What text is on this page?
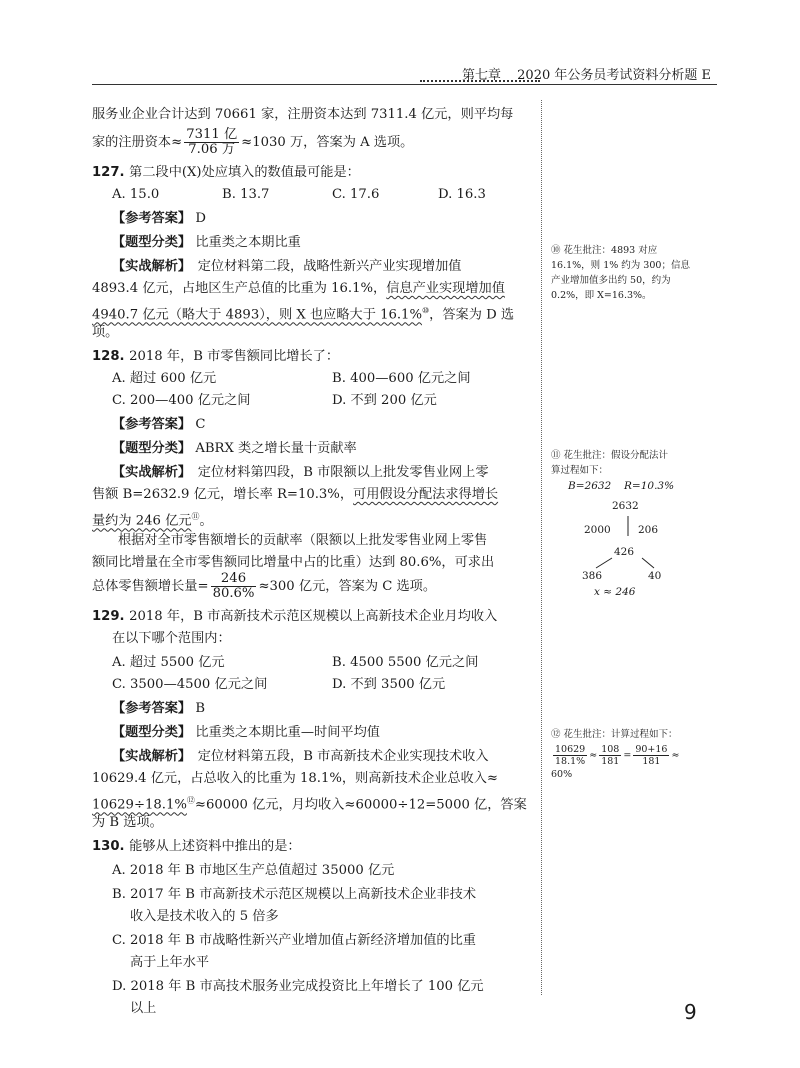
第七章 2020 年公务员考试资料分析题 E
服务业企业合计达到 70661 家，注册资本达到 7311.4 亿元，则平均每
家的注册资本≈ $\frac{\text{7311 亿}}{\text{7.06 万}} \approx 1030$ 万，答案为 A 选项。
127. 第二段中(X)处应填入的数值最可能是：
A. 15.0	B. 13.7	C. 17.6	D. 16.3
【参考答案】 D
【题型分类】 比重类之本期比重
【实战解析】　 定位材料第二段，战略性新兴产业实现增加值
4893.4 亿元，占地区生产总值的比重为 16.1%，信息产业实现增加值
4940.7 亿元（略大于 4893），则 X 也应略大于 16.1%⑩，答案为 D 选
项。
128. 2018 年，B 市零售额同比增长了：
A. 超过 600 亿元	B. 400—600 亿元之间
C. 200—400 亿元之间	D. 不到 200 亿元
【参考答案】 C
【题型分类】 ABRX 类之增长量十贡献率
【实战解析】　 定位材料第四段，B 市限额以上批发零售业网上零
售额 B=2632.9 亿元，增长率 R=10.3%，可用假设分配法求得增长
量约为 246 亿元⑪。
根据对全市零售额增长的贡献率（限额以上批发零售业网上零售
额同比增量在全市零售额同比增量中占的比重）达到 80.6%，可求出
总体零售额增长量= $\frac{246}{80.6\%} \approx 300$ 亿元，答案为 C 选项。
129. 2018 年，B 市高新技术示范区规模以上高新技术企业月均收入
在以下哪个范围内：
A. 超过 5500 亿元	B. 4500 5500 亿元之间
C. 3500—4500 亿元之间	D. 不到 3500 亿元
【参考答案】 B
【题型分类】 比重类之本期比重—时间平均值
【实战解析】　 定位材料第五段，B 市高新技术企业实现技术收入
10629.4 亿元，占总收入的比重为 18.1%，则高新技术企业总收入≈
10629÷18.1%⑫≈60000 亿元，月均收入≈60000÷12=5000 亿，答案
为 B 选项。
130. 能够从上述资料中推出的是：
A. 2018 年 B 市地区生产总值超过 35000 亿元
B. 2017 年 B 市高新技术示范区规模以上高新技术企业非技术
收入是技术收入的 5 倍多
C. 2018 年 B 市战略性新兴产业增加值占新经济增加值的比重
高于上年水平
D. 2018 年 B 市高技术服务业完成投资比上年增长了 100 亿元
以上
⑩ 花生批注：4893 对应
16.1%，则 1% 约为 300；信息
产业增加值多出约 50，约为
0.2%，即 X=16.3%。
⑪ 花生批注：假设分配法计
算过程如下：
B=2632 R=10.3%
2632
2000	206
426
386	40
x ≈ 246
⑫ 花生批注：计算过程如下：
$\frac{10629}{18.1\%} \approx \frac{108}{181} = \frac{90+16}{181}$ ≈
60%
9
